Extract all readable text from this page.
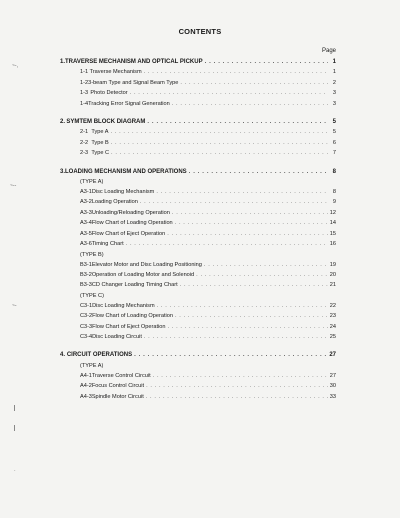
CONTENTS
Page
~-,
~--
~-
·
1. TRAVERSE MECHANISM AND OPTICAL PICKUP . . .	1
1-1 Traverse Mechanism . . .	1
1-2 3-beam Type and Signal Beam Type . . .	2
1-3 Photo Detector . . .	3
1-4 Tracking Error Signal Generation . . .	3
2. SYMTEM BLOCK DIAGRAM . . .	5
2-1 Type A . . .	5
2-2 Type B . . .	6
2-3 Type C . . .	7
3. LOADING MECHANISM AND OPERATIONS . . .	8
(TYPE A)
A3-1 Disc Loading Mechanism . . .	8
A3-2 Loading Operation . . .	9
A3-3 Unloading/Reloading Operation . . .	12
A3-4 Flow Chart of Loading Operation . . .	14
A3-5 Flow Chart of Eject Operation . . .	15
A3-6 Timing Chart . . .	16
(TYPE B)
B3-1 Elevator Motor and Disc Loading Positioning . . .	19
B3-2 Operation of Loading Motor and Solenoid . . .	20
B3-3 CD Changer Loading Timing Chart . . .	21
(TYPE C)
C3-1 Disc Loading Mechanism . . .	22
C3-2 Flow Chart of Loading Operation . . .	23
C3-3 Flow Chart of Eject Operation . . .	24
C3-4 Disc Loading Circuit . . .	25
4. CIRCUIT OPERATIONS . . .	27
(TYPE A)
A4-1 Traverse Control Circuit . . .	27
A4-2 Focus Control Circuit . . .	30
A4-3 Spindle Motor Circuit . . .	33
